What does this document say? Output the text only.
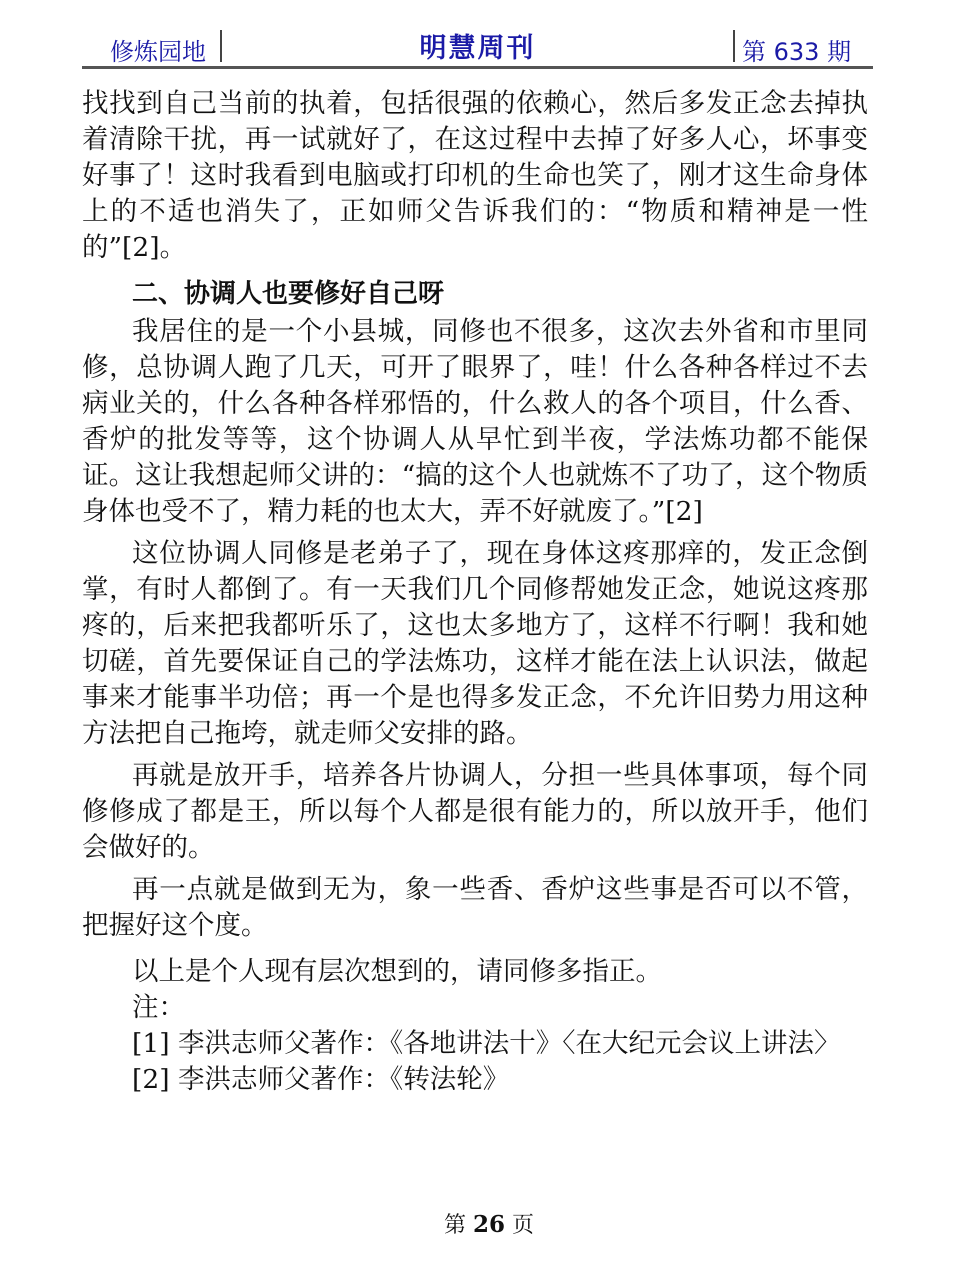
修炼园地	明慧周刊	第 633 期

找找到自己当前的执着，包括很强的依赖心，然后多发正念去掉执着清除干扰，再一试就好了，在这过程中去掉了好多人心，坏事变好事了！这时我看到电脑或打印机的生命也笑了，刚才这生命身体上的不适也消失了，正如师父告诉我们的：“物质和精神是一性的”[2]。

二、协调人也要修好自己呀

我居住的是一个小县城，同修也不很多，这次去外省和市里同修，总协调人跑了几天，可开了眼界了，哇！什么各种各样过不去病业关的，什么各种各样邪悟的，什么救人的各个项目，什么香、香炉的批发等等，这个协调人从早忙到半夜，学法炼功都不能保证。这让我想起师父讲的：“搞的这个人也就炼不了功了，这个物质身体也受不了，精力耗的也太大，弄不好就废了。”[2]

这位协调人同修是老弟子了，现在身体这疼那痒的，发正念倒掌，有时人都倒了。有一天我们几个同修帮她发正念，她说这疼那疼的，后来把我都听乐了，这也太多地方了，这样不行啊！我和她切磋，首先要保证自己的学法炼功，这样才能在法上认识法，做起事来才能事半功倍；再一个是也得多发正念，不允许旧势力用这种方法把自己拖垮，就走师父安排的路。

再就是放开手，培养各片协调人，分担一些具体事项，每个同修修成了都是王，所以每个人都是很有能力的，所以放开手，他们会做好的。

再一点就是做到无为，象一些香、香炉这些事是否可以不管，把握好这个度。

以上是个人现有层次想到的，请同修多指正。

注：

[1] 李洪志师父著作：《各地讲法十》〈在大纪元会议上讲法〉

[2] 李洪志师父著作：《转法轮》

第 26 页
